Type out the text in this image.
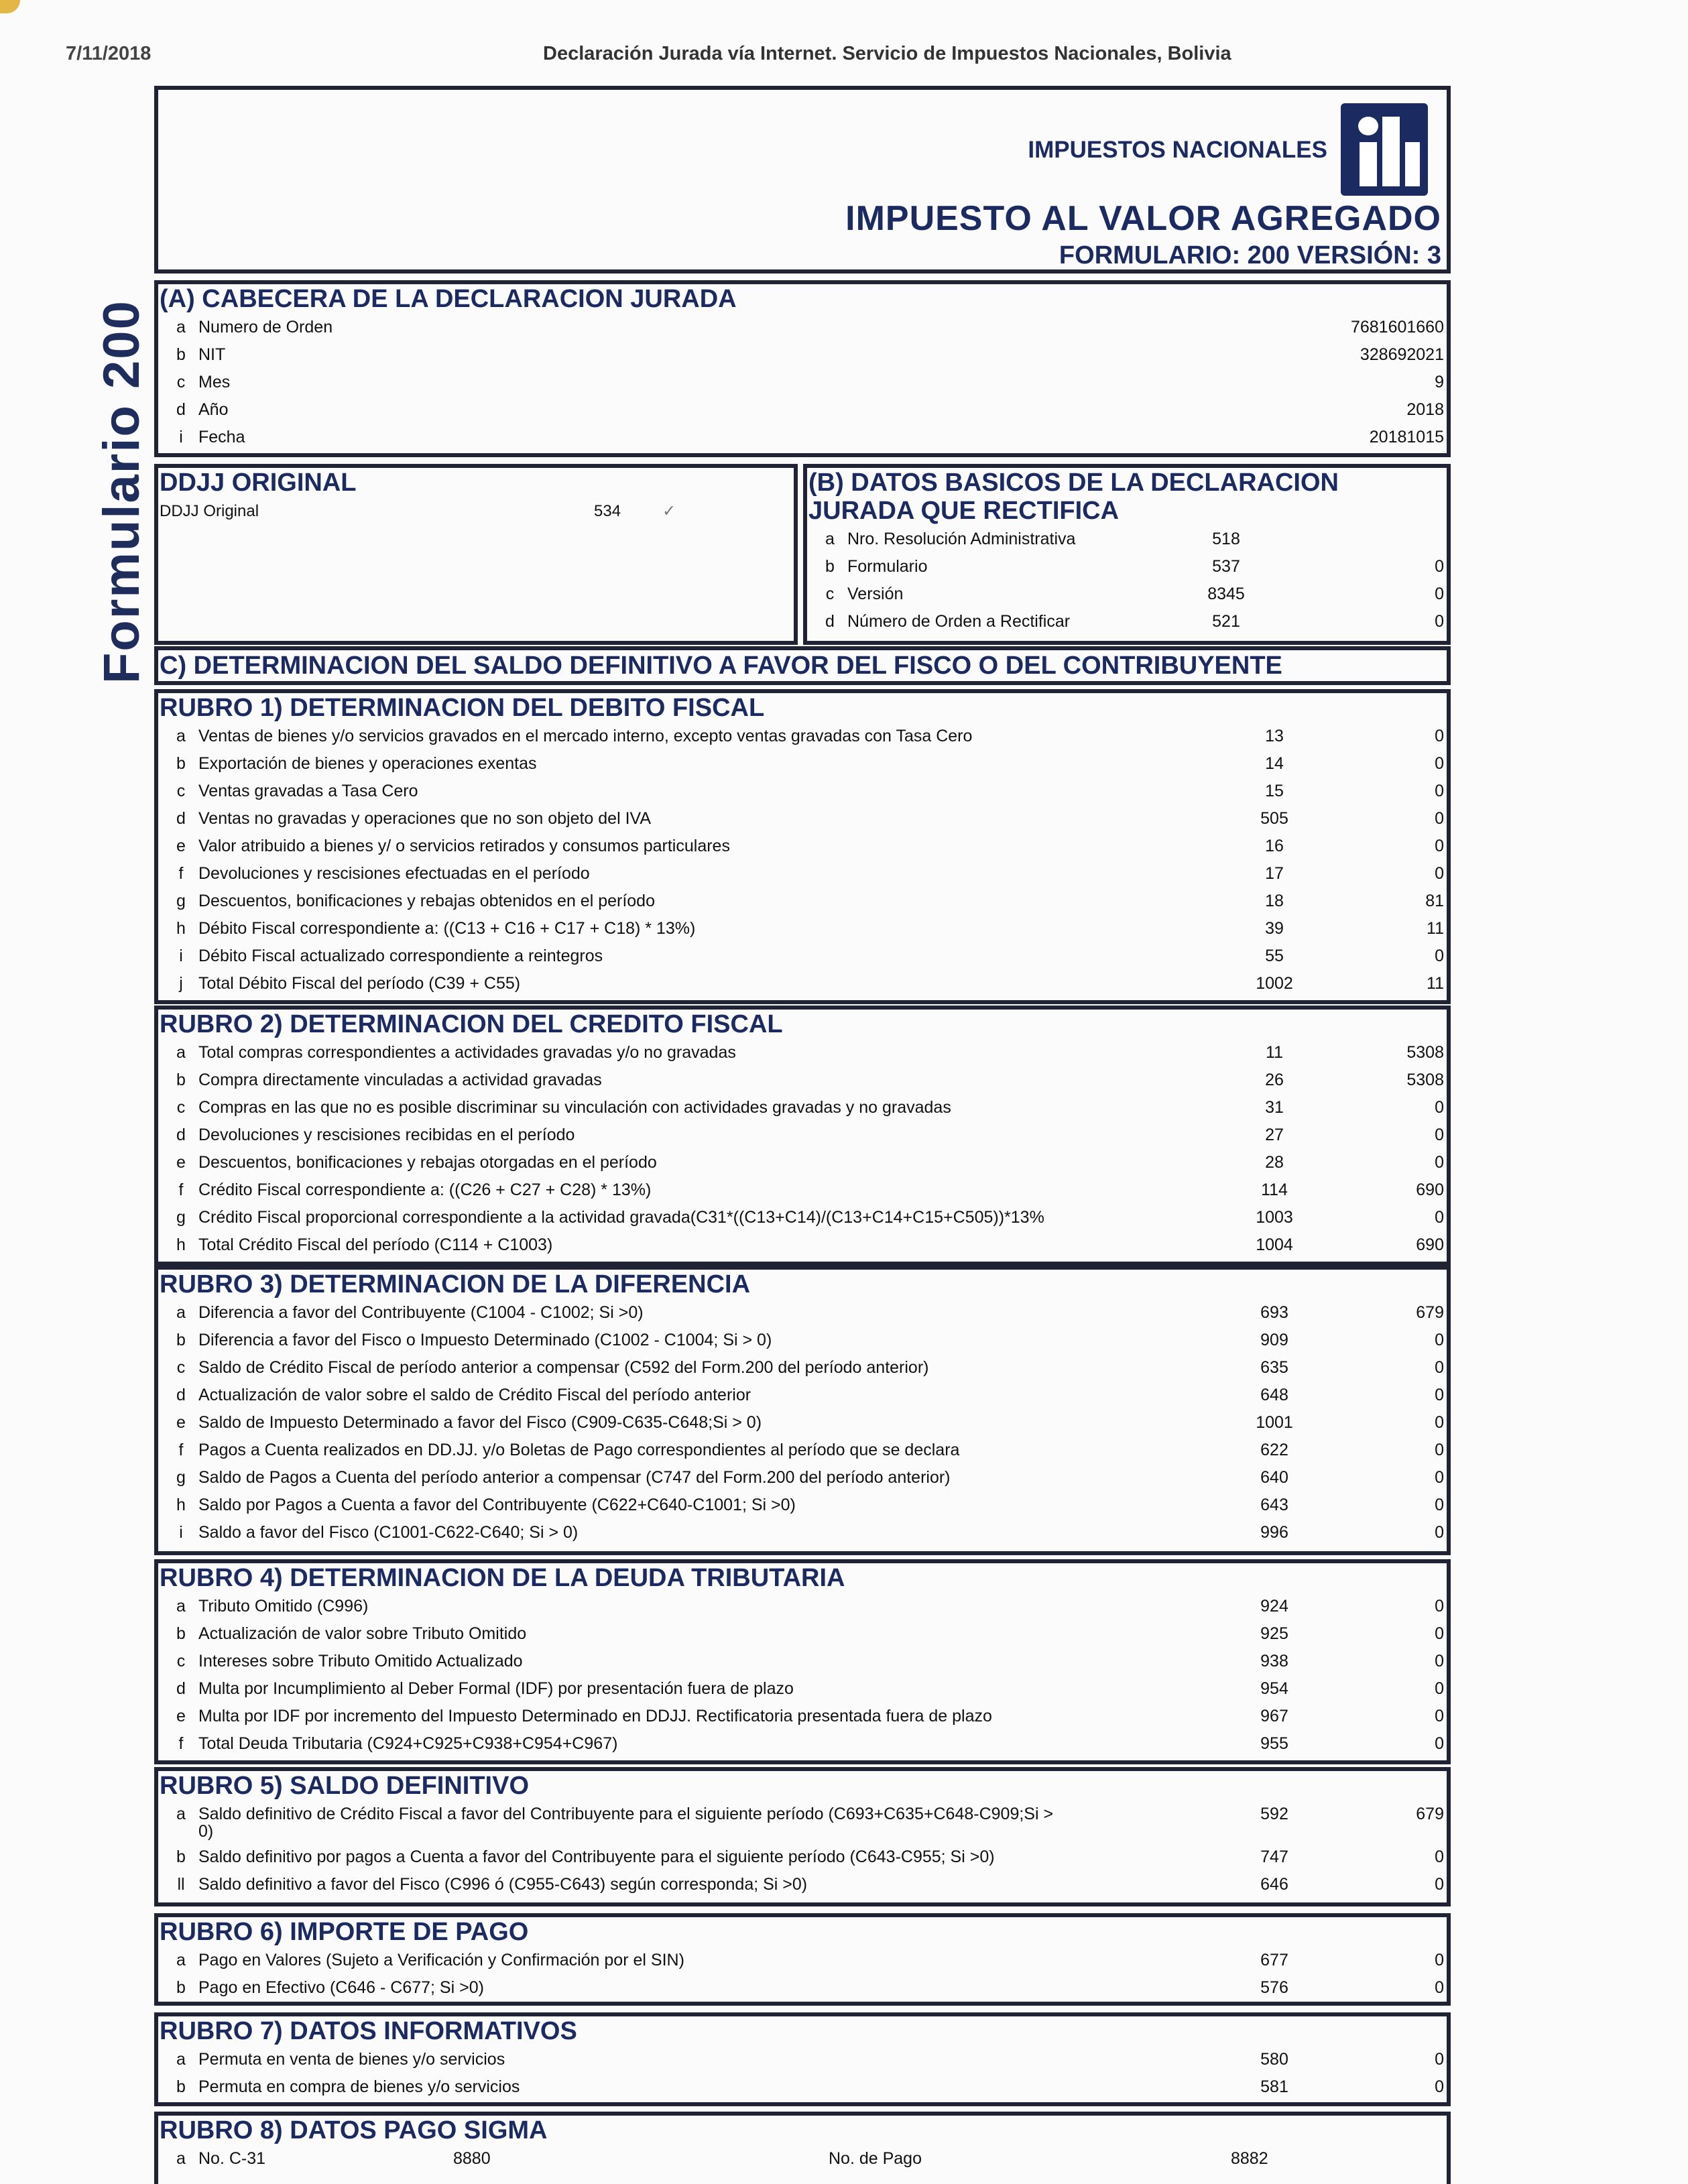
7/11/2018	Declaración Jurada vía Internet. Servicio de Impuestos Nacionales, Bolivia
Formulario 200
IMPUESTOS NACIONALES
IMPUESTO AL VALOR AGREGADO
FORMULARIO: 200 VERSIÓN: 3
(A) CABECERA DE LA DECLARACION JURADA
a Numero de Orden	7681601660
b NIT	328692021
c Mes	9
d Año	2018
i Fecha	20181015
DDJJ ORIGINAL
DDJJ Original	534	✓
(B) DATOS BASICOS DE LA DECLARACION
JURADA QUE RECTIFICA
a Nro. Resolución Administrativa	518
b Formulario	537	0
c Versión	8345	0
d Número de Orden a Rectificar	521	0
C) DETERMINACION DEL SALDO DEFINITIVO A FAVOR DEL FISCO O DEL CONTRIBUYENTE
RUBRO 1) DETERMINACION DEL DEBITO FISCAL
a Ventas de bienes y/o servicios gravados en el mercado interno, excepto ventas gravadas con Tasa Cero	13	0
b Exportación de bienes y operaciones exentas	14	0
c Ventas gravadas a Tasa Cero	15	0
d Ventas no gravadas y operaciones que no son objeto del IVA	505	0
e Valor atribuido a bienes y/ o servicios retirados y consumos particulares	16	0
f Devoluciones y rescisiones efectuadas en el período	17	0
g Descuentos, bonificaciones y rebajas obtenidos en el período	18	81
h Débito Fiscal correspondiente a: ((C13 + C16 + C17 + C18) * 13%)	39	11
i Débito Fiscal actualizado correspondiente a reintegros	55	0
j Total Débito Fiscal del período (C39 + C55)	1002	11
RUBRO 2) DETERMINACION DEL CREDITO FISCAL
a Total compras correspondientes a actividades gravadas y/o no gravadas	11	5308
b Compra directamente vinculadas a actividad gravadas	26	5308
c Compras en las que no es posible discriminar su vinculación con actividades gravadas y no gravadas	31	0
d Devoluciones y rescisiones recibidas en el período	27	0
e Descuentos, bonificaciones y rebajas otorgadas en el período	28	0
f Crédito Fiscal correspondiente a: ((C26 + C27 + C28) * 13%)	114	690
g Crédito Fiscal proporcional correspondiente a la actividad gravada(C31*((C13+C14)/(C13+C14+C15+C505))*13%	1003	0
h Total Crédito Fiscal del período (C114 + C1003)	1004	690
RUBRO 3) DETERMINACION DE LA DIFERENCIA
a Diferencia a favor del Contribuyente (C1004 - C1002; Si >0)	693	679
b Diferencia a favor del Fisco o Impuesto Determinado (C1002 - C1004; Si > 0)	909	0
c Saldo de Crédito Fiscal de período anterior a compensar (C592 del Form.200 del período anterior)	635	0
d Actualización de valor sobre el saldo de Crédito Fiscal del período anterior	648	0
e Saldo de Impuesto Determinado a favor del Fisco (C909-C635-C648;Si > 0)	1001	0
f Pagos a Cuenta realizados en DD.JJ. y/o Boletas de Pago correspondientes al período que se declara	622	0
g Saldo de Pagos a Cuenta del período anterior a compensar (C747 del Form.200 del período anterior)	640	0
h Saldo por Pagos a Cuenta a favor del Contribuyente (C622+C640-C1001; Si >0)	643	0
i Saldo a favor del Fisco (C1001-C622-C640; Si > 0)	996	0
RUBRO 4) DETERMINACION DE LA DEUDA TRIBUTARIA
a Tributo Omitido (C996)	924	0
b Actualización de valor sobre Tributo Omitido	925	0
c Intereses sobre Tributo Omitido Actualizado	938	0
d Multa por Incumplimiento al Deber Formal (IDF) por presentación fuera de plazo	954	0
e Multa por IDF por incremento del Impuesto Determinado en DDJJ. Rectificatoria presentada fuera de plazo	967	0
f Total Deuda Tributaria (C924+C925+C938+C954+C967)	955	0
RUBRO 5) SALDO DEFINITIVO
a Saldo definitivo de Crédito Fiscal a favor del Contribuyente para el siguiente período (C693+C635+C648-C909;Si >
0)
592	679
b Saldo definitivo por pagos a Cuenta a favor del Contribuyente para el siguiente período (C643-C955; Si >0)	747	0
ll Saldo definitivo a favor del Fisco (C996 ó (C955-C643) según corresponda; Si >0)	646	0
RUBRO 6) IMPORTE DE PAGO
a Pago en Valores (Sujeto a Verificación y Confirmación por el SIN)	677	0
b Pago en Efectivo (C646 - C677; Si >0)	576	0
RUBRO 7) DATOS INFORMATIVOS
a Permuta en venta de bienes y/o servicios	580	0
b Permuta en compra de bienes y/o servicios	581	0
RUBRO 8) DATOS PAGO SIGMA
a No. C-31	8880	No. de Pago	8882
